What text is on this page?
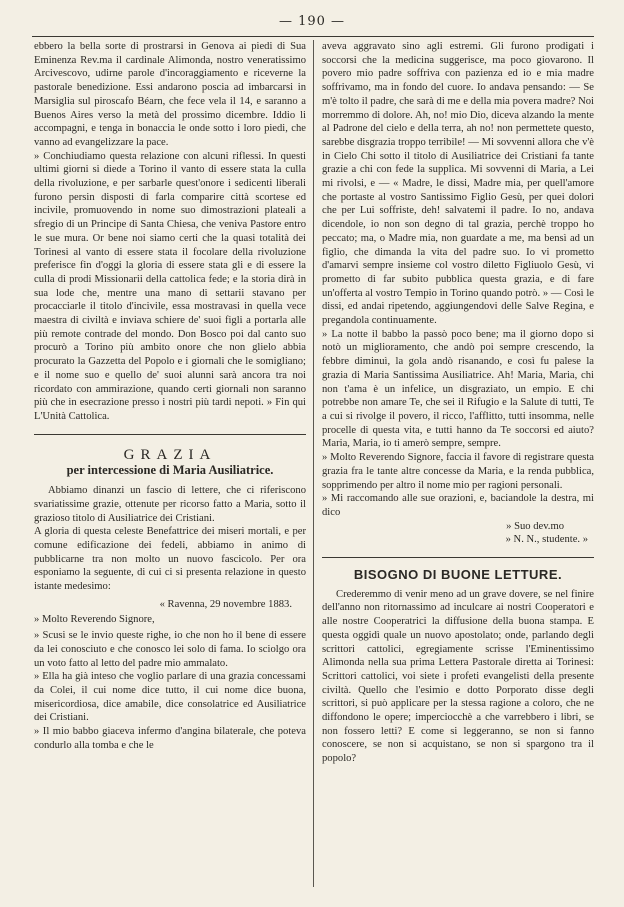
— 190 —

ebbero la bella sorte di prostrarsi in Genova ai piedi di Sua Eminenza Rev.ma il cardinale Alimonda, nostro veneratissimo Arcivescovo, udirne parole d'incoraggiamento e riceverne la pastorale benedizione. Essi andarono poscia ad imbarcarsi in Marsiglia sul piroscafo Béarn, che fece vela il 14, e saranno a Buenos Aires verso la metà del prossimo dicembre. Iddio li accompagni, e tenga in bonaccia le onde sotto i loro piedi, che vanno ad evangelizzare la pace.

» Conchiudiamo questa relazione con alcuni riflessi. In questi ultimi giorni si diede a Torino il vanto di essere stata la culla della rivoluzione, e per sarbarle quest'onore i sedicenti liberali furono persin disposti di farla comparire città scortese ed incivile, promuovendo in nome suo dimostrazioni plateali a sfregio di un Principe di Santa Chiesa, che veniva Pastore entro le sue mura. Or bene noi siamo certi che la quasi totalità dei Torinesi al vanto di essere stata il focolare della rivoluzione preferisce fin d'oggi la gloria di essere stata gli e di essere la culla di prodi Missionarii della cattolica fede; e la storia dirà in sua lode che, mentre una mano di settarii stavano per procacciarle il titolo d'incivile, essa mostravasi in quella vece maestra di civiltà e inviava schiere de' suoi figli a portarla alle più remote contrade del mondo. Don Bosco poi dal canto suo procurò a Torino più ambito onore che non glielo abbia procurato la Gazzetta del Popolo e i giornali che le somigliano; e il nome suo e quello de' suoi alunni sarà ancora tra noi ricordato con ammirazione, quando certi giornali non saranno più che in esecrazione presso i nostri più tardi nepoti. » Fin qui L'Unità Cattolica.

GRAZIA
per intercessione di Maria Ausiliatrice.

Abbiamo dinanzi un fascio di lettere, che ci riferiscono svariatissime grazie, ottenute per ricorso fatto a Maria, sotto il grazioso titolo di Ausiliatrice dei Cristiani.

A gloria di questa celeste Benefattrice dei miseri mortali, e per comune edificazione dei fedeli, abbiamo in animo di pubblicarne tra non molto un nuovo fascicolo. Per ora esponiamo la seguente, di cui ci si presenta relazione in questo istante medesimo:

« Ravenna, 29 novembre 1883.

» Molto Reverendo Signore,

» Scusi se le invio queste righe, io che non ho il bene di essere da lei conosciuto e che conosco lei solo di fama. Io sciolgo ora un voto fatto al letto del padre mio ammalato.

» Ella ha già inteso che voglio parlare di una grazia concessami da Colei, il cui nome dice tutto, il cui nome dice buona, misericordiosa, dice amabile, dice consolatrice ed Ausiliatrice dei Cristiani.

» Il mio babbo giaceva infermo d'angina bilaterale, che poteva condurlo alla tomba e che le

aveva aggravato sino agli estremi. Gli furono prodigati i soccorsi che la medicina suggerisce, ma poco giovarono. Il povero mio padre soffriva con pazienza ed io e mia madre soffrivamo, ma in fondo del cuore. Io andava pensando: — Se m'è tolto il padre, che sarà di me e della mia povera madre? Noi morremmo di dolore. Ah, no! mio Dio, diceva alzando la mente al Padrone del cielo e della terra, ah no! non permettete questo, sarebbe disgrazia troppo terribile! — Mi sovvenni allora che v'è in Cielo Chi sotto il titolo di Ausiliatrice dei Cristiani fa tante grazie a chi con fede la supplica. Mi sovvenni di Maria, a Lei mi rivolsi, e — « Madre, le dissi, Madre mia, per quell'amore che portaste al vostro Santissimo Figlio Gesù, per quei dolori che per Lui soffriste, deh! salvatemi il padre. Io no, andava dicendole, io non son degno di tal grazia, perchè troppo ho peccato; ma, o Madre mia, non guardate a me, ma bensì ad un figlio, che dimanda la vita del padre suo. Io vi prometto d'amarvi sempre insieme col vostro diletto Figliuolo Gesù, vi prometto di far subito pubblica questa grazia, e di fare un'offerta al vostro Tempio in Torino quando potrò. » — Così le dissi, ed andai ripetendo, aggiungendovi delle Salve Regina, e pregandola continuamente.

» La notte il babbo la passò poco bene; ma il giorno dopo si notò un miglioramento, che andò poi sempre crescendo, la febbre diminuì, la gola andò risanando, e così fu palese la grazia di Maria Santissima Ausiliatrice. Ah! Maria, Maria, chi non t'ama è un infelice, un disgraziato, un empio. E chi potrebbe non amare Te, che sei il Rifugio e la Salute di tutti, Te a cui si rivolge il povero, il ricco, l'afflitto, tutti insomma, nelle procelle di questa vita, e tutti hanno da Te soccorsi ed aiuto? Maria, Maria, io ti amerò sempre, sempre.

» Molto Reverendo Signore, faccia il favore di registrare questa grazia fra le tante altre concesse da Maria, e la renda pubblica, sopprimendo per altro il nome mio per ragioni personali.

» Mi raccomando alle sue orazioni, e, baciandole la destra, mi dico

» Suo dev.mo

» N. N., studente. »

BISOGNO DI BUONE LETTURE.

Crederemmo di venir meno ad un grave dovere, se nel finire dell'anno non ritornassimo ad inculcare ai nostri Cooperatori e alle nostre Cooperatrici la diffusione della buona stampa. E questa oggidì quale un nuovo apostolato; onde, parlando degli scrittori cattolici, egregiamente scrisse l'Eminentissimo Alimonda nella sua prima Lettera Pastorale diretta ai Torinesi: Scrittori cattolici, voi siete i profeti evangelisti della presente civiltà. Quello che l'esimio e dotto Porporato disse degli scrittori, si può applicare per la stessa ragione a coloro, che ne diffondono le opere; imperciocchè a che varrebbero i libri, se non fossero letti? E come si leggeranno, se non si fanno conoscere, se non si acquistano, se non si spargono tra il popolo?
